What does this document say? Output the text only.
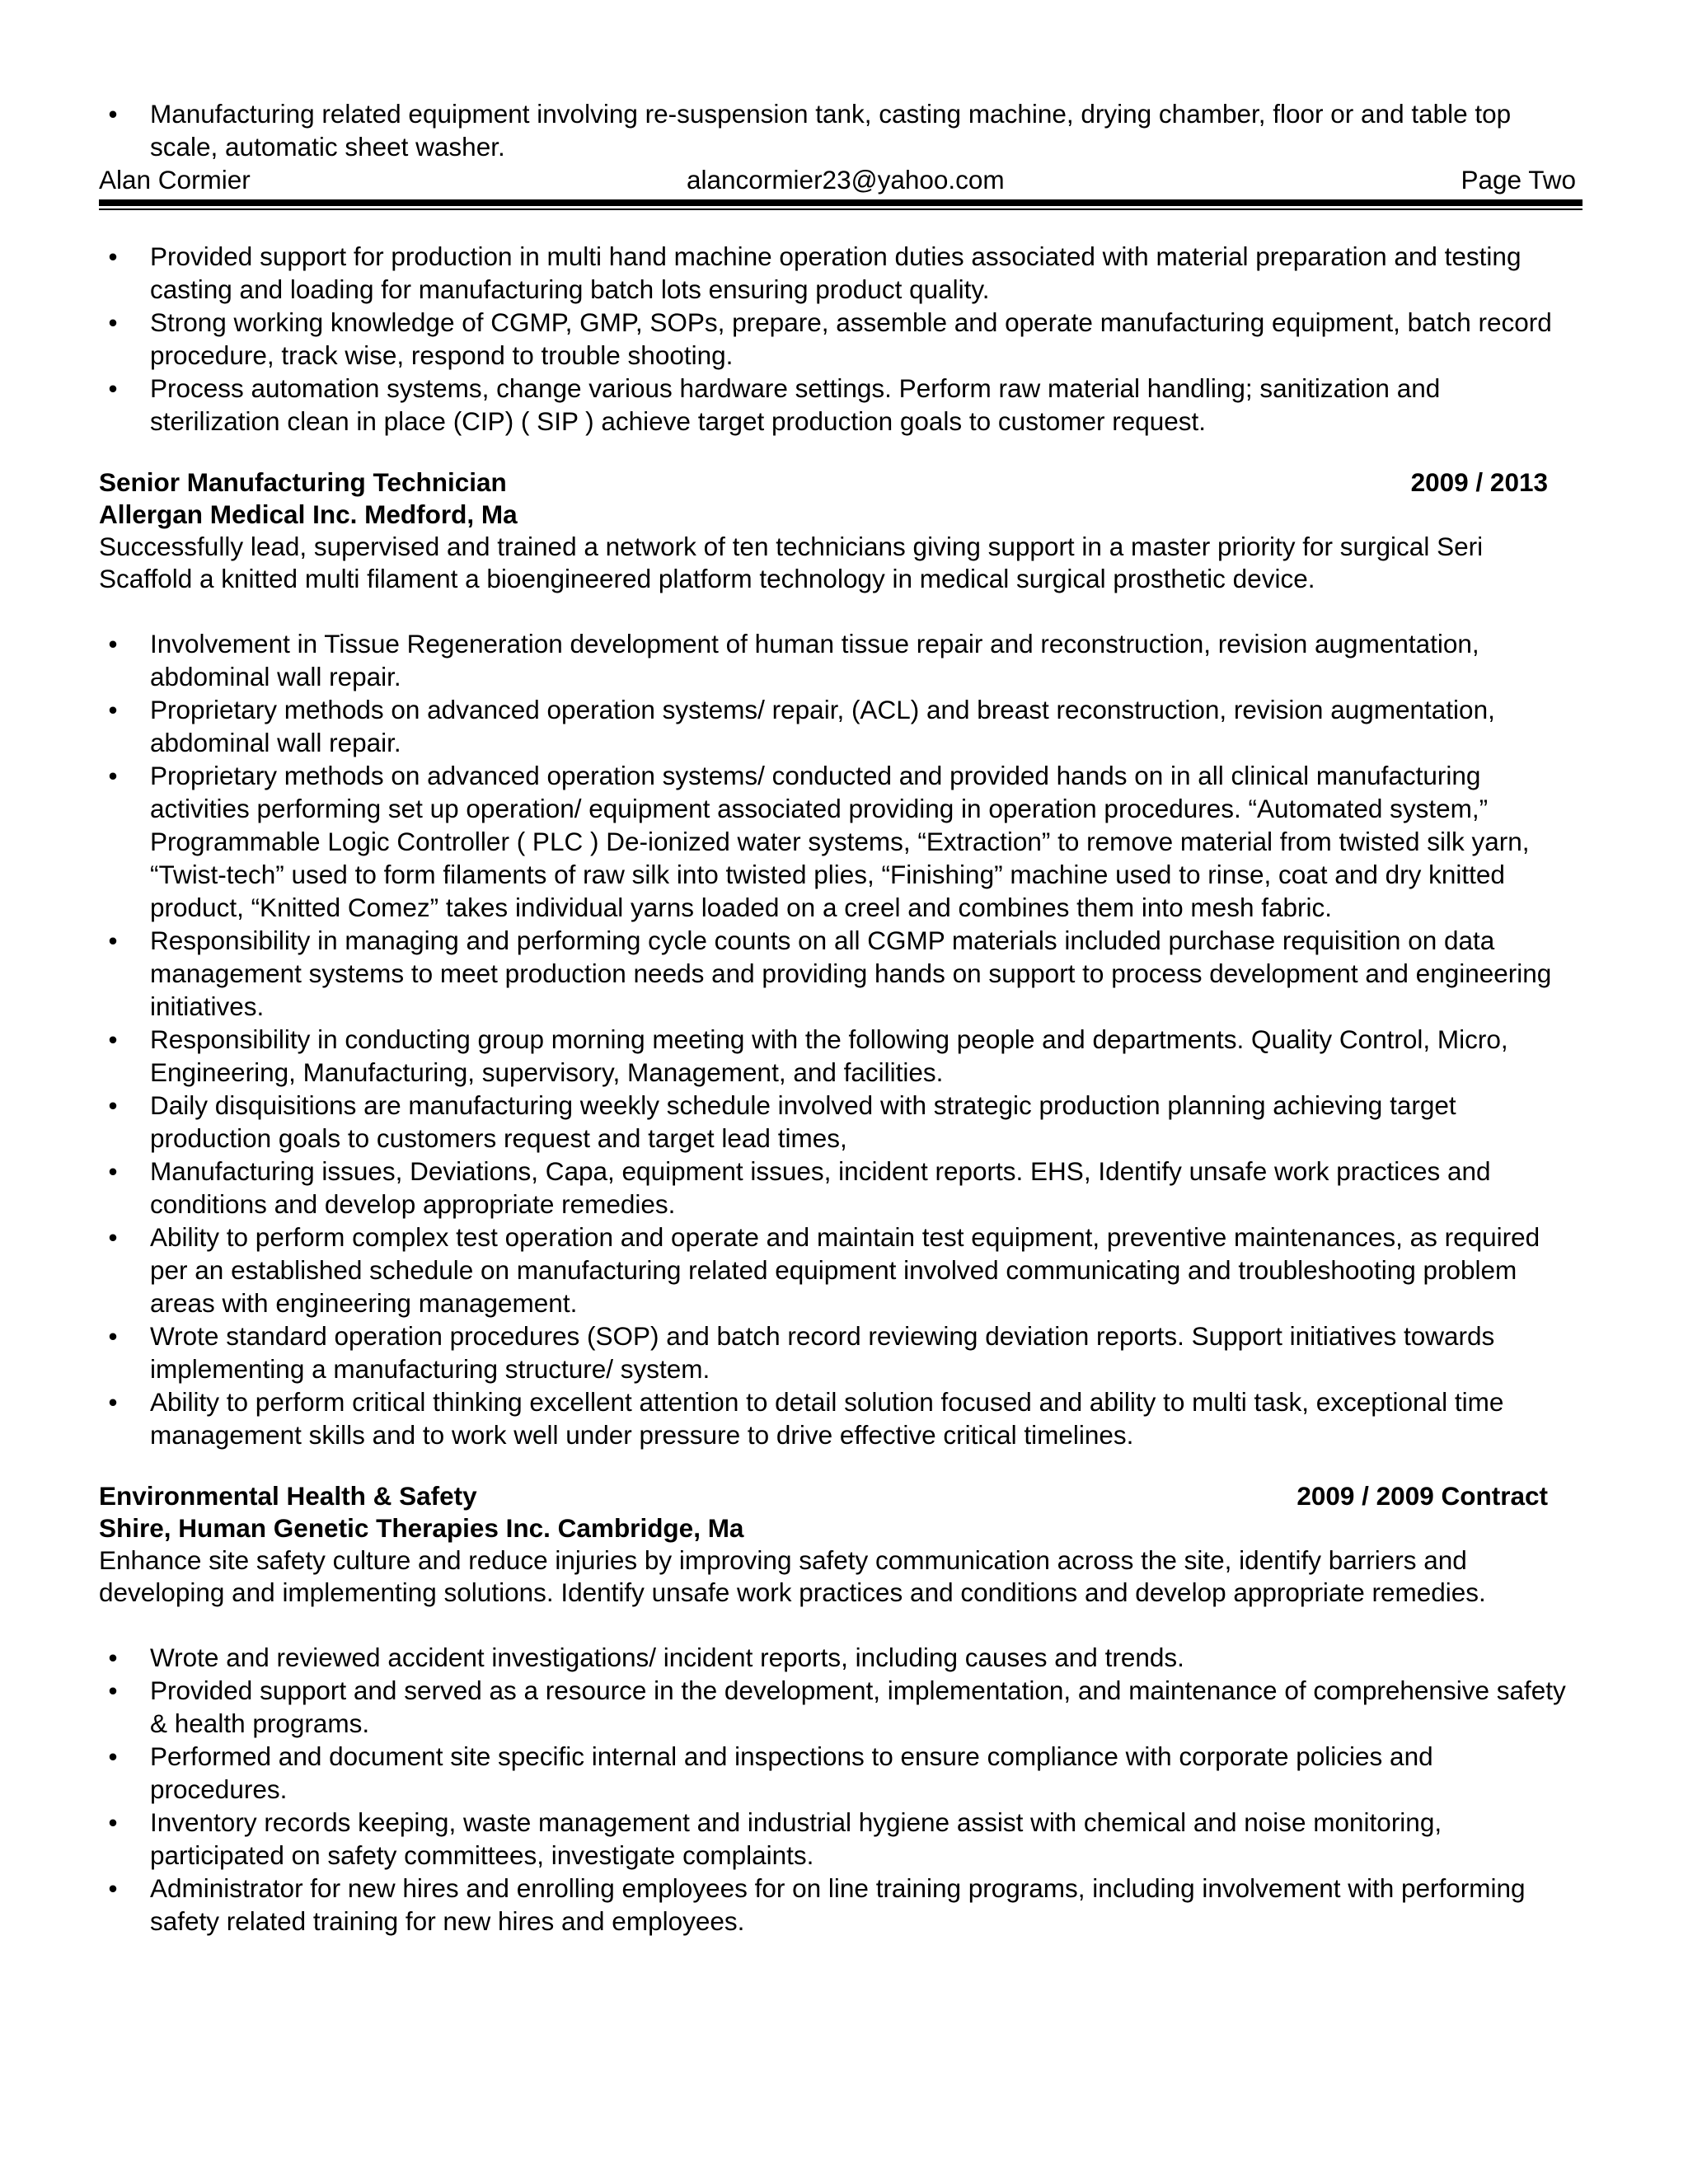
• Manufacturing related equipment involving re-suspension tank, casting machine, drying chamber, floor or and table top scale, automatic sheet washer.
Alan Cormier	alancormier23@yahoo.com	Page Two
• Provided support for production in multi hand machine operation duties associated with material preparation and testing casting and loading for manufacturing batch lots ensuring product quality.
• Strong working knowledge of CGMP, GMP, SOPs, prepare, assemble and operate manufacturing equipment, batch record procedure, track wise, respond to trouble shooting.
• Process automation systems, change various hardware settings. Perform raw material handling; sanitization and sterilization clean in place (CIP) ( SIP ) achieve target production goals to customer request.
Senior Manufacturing Technician	2009 / 2013
Allergan Medical Inc. Medford, Ma
Successfully lead, supervised and trained a network of ten technicians giving support in a master priority for surgical Seri Scaffold a knitted multi filament a bioengineered platform technology in medical surgical prosthetic device.
• Involvement in Tissue Regeneration development of human tissue repair and reconstruction, revision augmentation, abdominal wall repair.
• Proprietary methods on advanced operation systems/ repair, (ACL) and breast reconstruction, revision augmentation, abdominal wall repair.
• Proprietary methods on advanced operation systems/ conducted and provided hands on in all clinical manufacturing activities performing set up operation/ equipment associated providing in operation procedures. “Automated system,” Programmable Logic Controller ( PLC ) De-ionized water systems, “Extraction” to remove material from twisted silk yarn, “Twist-tech” used to form filaments of raw silk into twisted plies, “Finishing” machine used to rinse, coat and dry knitted product, “Knitted Comez” takes individual yarns loaded on a creel and combines them into mesh fabric.
• Responsibility in managing and performing cycle counts on all CGMP materials included purchase requisition on data management systems to meet production needs and providing hands on support to process development and engineering initiatives.
• Responsibility in conducting group morning meeting with the following people and departments. Quality Control, Micro, Engineering, Manufacturing, supervisory, Management, and facilities.
• Daily disquisitions are manufacturing weekly schedule involved with strategic production planning achieving target production goals to customers request and target lead times,
• Manufacturing issues, Deviations, Capa, equipment issues, incident reports. EHS, Identify unsafe work practices and conditions and develop appropriate remedies.
• Ability to perform complex test operation and operate and maintain test equipment, preventive maintenances, as required per an established schedule on manufacturing related equipment involved communicating and troubleshooting problem areas with engineering management.
• Wrote standard operation procedures (SOP) and batch record reviewing deviation reports. Support initiatives towards implementing a manufacturing structure/ system.
• Ability to perform critical thinking excellent attention to detail solution focused and ability to multi task, exceptional time management skills and to work well under pressure to drive effective critical timelines.
Environmental Health & Safety	2009 / 2009 Contract
Shire, Human Genetic Therapies Inc. Cambridge, Ma
Enhance site safety culture and reduce injuries by improving safety communication across the site, identify barriers and developing and implementing solutions. Identify unsafe work practices and conditions and develop appropriate remedies.
• Wrote and reviewed accident investigations/ incident reports, including causes and trends.
• Provided support and served as a resource in the development, implementation, and maintenance of comprehensive safety & health programs.
• Performed and document site specific internal and inspections to ensure compliance with corporate policies and procedures.
• Inventory records keeping, waste management and industrial hygiene assist with chemical and noise monitoring, participated on safety committees, investigate complaints.
• Administrator for new hires and enrolling employees for on line training programs, including involvement with performing safety related training for new hires and employees.
